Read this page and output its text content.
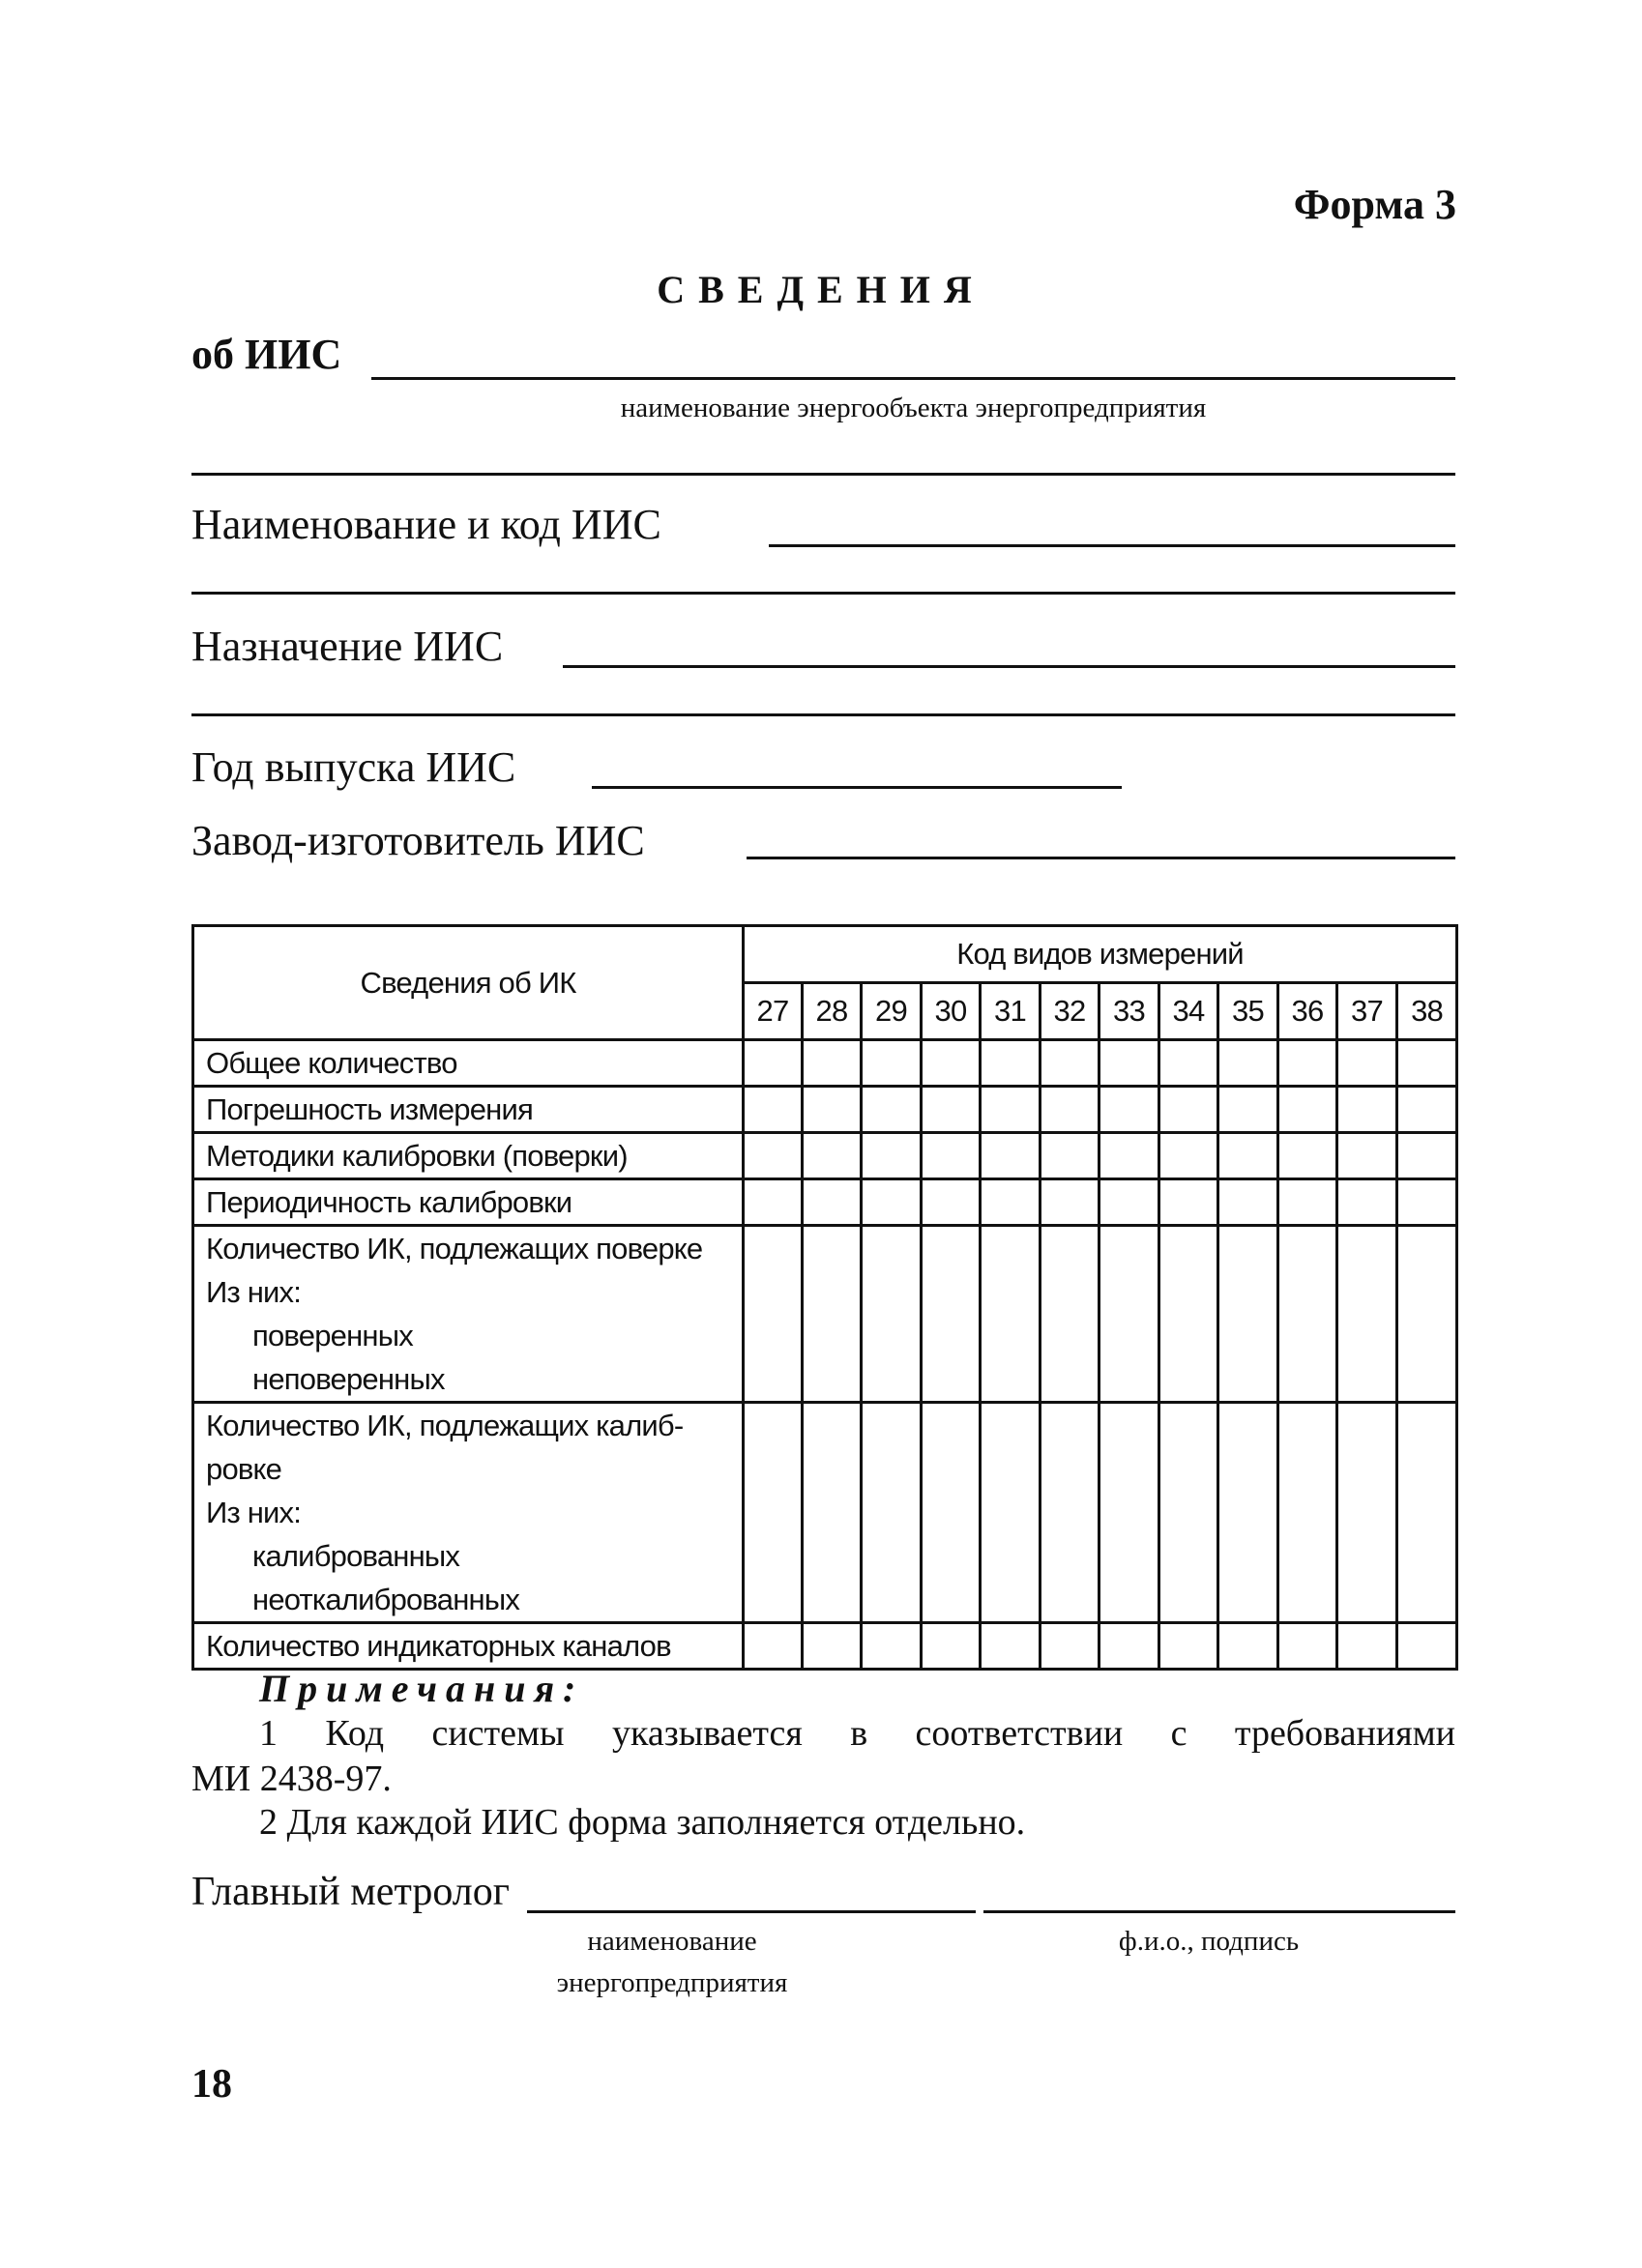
Форма 3
СВЕДЕНИЯ
об ИИС
наименование энергообъекта энергопредприятия
Наименование и код ИИС
Назначение ИИС
Год выпуска ИИС
Завод-изготовитель ИИС
Сведения об ИК	Код видов измерений											
	27	28	29	30	31	32	33	34	35	36	37	38
Общее количество												
Погрешность измерения												
Методики калибровки (поверки)												
Периодичность калибровки												

Количество ИК, подлежащих поверке
Из них:
поверенных
неповеренных												

Количество ИК, подлежащих калиб-
ровке
Из них:
калиброванных
неоткалиброванных												

Количество индикаторных каналов												
Примечания:
1 Код системы указывается в соответствии с требованиями
МИ 2438-97.
2 Для каждой ИИС форма заполняется отдельно.
Главный метролог
наименование
энергопредприятия
ф.и.о., подпись
18
